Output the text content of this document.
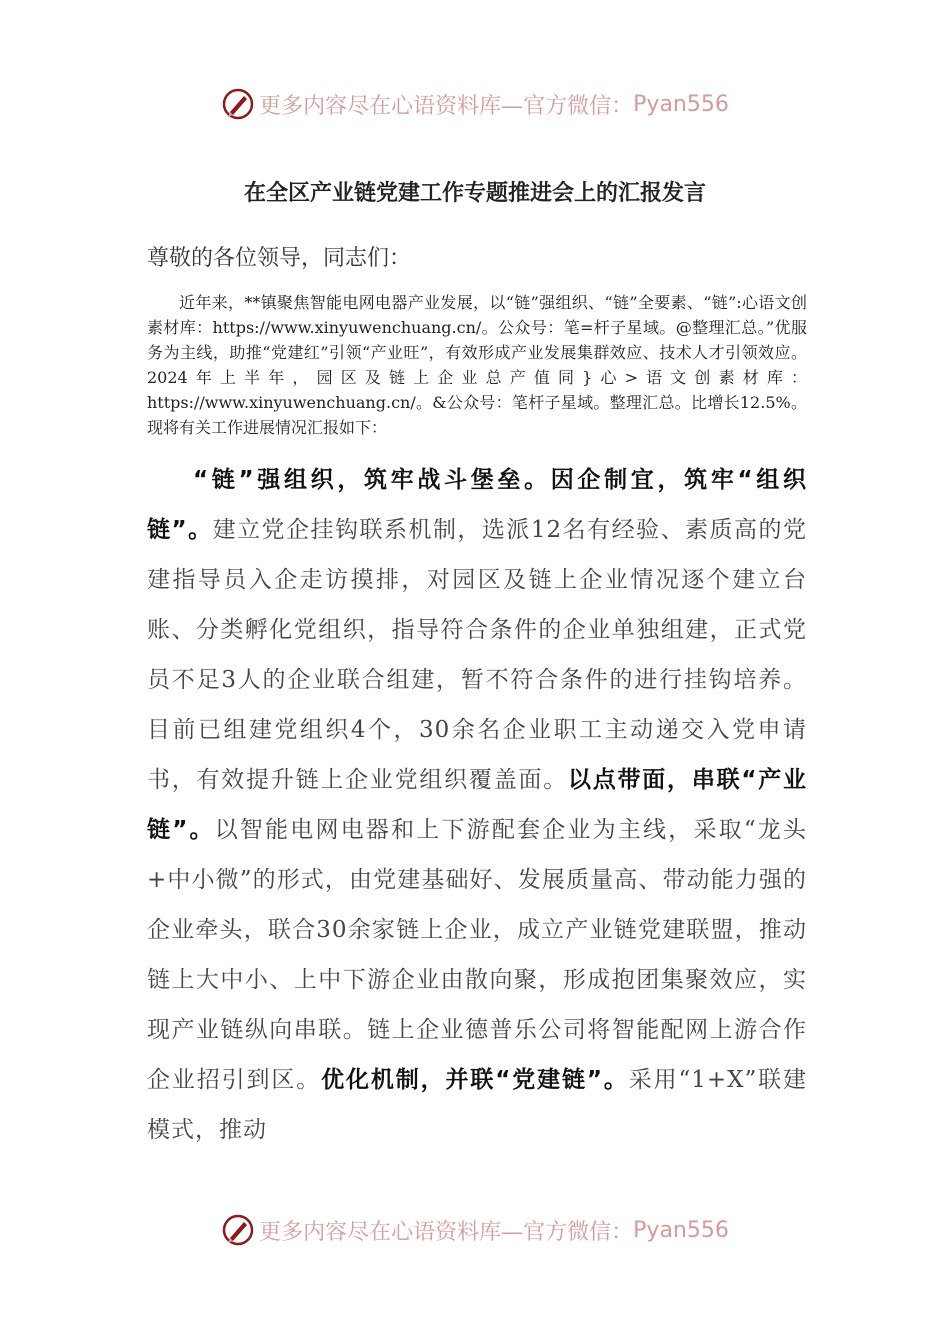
更多内容尽在心语资料库—官方微信： Pyan556
在全区产业链党建工作专题推进会上的汇报发言
尊敬的各位领导，同志们：
近年来，**镇聚焦智能电网电器产业发展，以“链”强组织、“链”全要素、“链”:心语文创素材库：https://www.xinyuwenchuang.cn/。公众号：笔=杆子星域。@整理汇总。”优服务为主线，助推“党建红”引领“产业旺”，有效形成产业发展集群效应、技术人才引领效应。2024年上半年，园区及链上企业总产值同}心>语文创素材库：https://www.xinyuwenchuang.cn/。&公众号：笔杆子星域。整理汇总。比增长12.5%。现将有关工作进展情况汇报如下：
“链”强组织，筑牢战斗堡垒。因企制宜，筑牢“组织链”。建立党企挂钩联系机制，选派12名有经验、素质高的党建指导员入企走访摸排，对园区及链上企业情况逐个建立台账、分类孵化党组织，指导符合条件的企业单独组建，正式党员不足3人的企业联合组建，暂不符合条件的进行挂钩培养。目前已组建党组织4个，30余名企业职工主动递交入党申请书，有效提升链上企业党组织覆盖面。以点带面，串联“产业链”。以智能电网电器和上下游配套企业为主线，采取“龙头+中小微”的形式，由党建基础好、发展质量高、带动能力强的企业牵头，联合30余家链上企业，成立产业链党建联盟，推动链上大中小、上中下游企业由散向聚，形成抱团集聚效应，实现产业链纵向串联。链上企业德普乐公司将智能配网上游合作企业招引到区。优化机制，并联“党建链”。采用“1+X”联建模式，推动
更多内容尽在心语资料库—官方微信： Pyan556
